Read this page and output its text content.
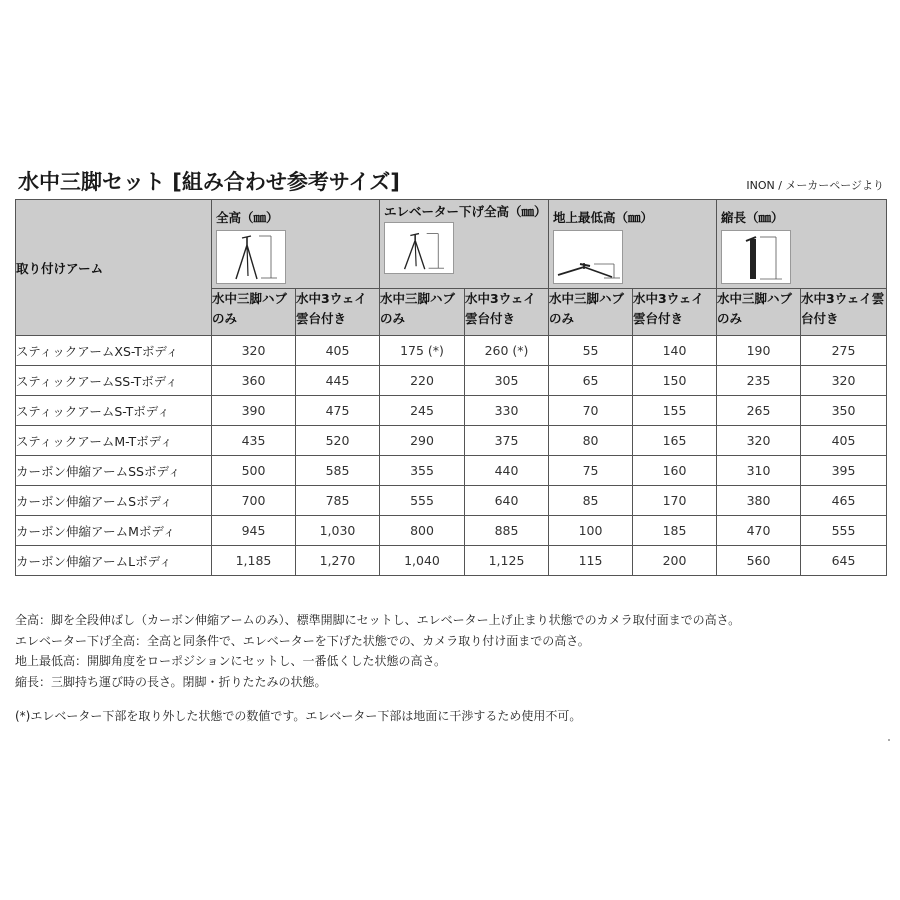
水中三脚セット [組み合わせ参考サイズ]	INON / メーカーページより
取り付けアーム	全高（㎜）		エレベーター下げ全高（㎜）		地上最低高（㎜）		縮長（㎜）	

	水中三脚ハブのみ	水中3ウェイ雲台付き	水中三脚ハブのみ	水中3ウェイ雲台付き	水中三脚ハブのみ	水中3ウェイ雲台付き	水中三脚ハブのみ	水中3ウェイ雲台付き
スティックアームXS-Tボディ	320	405	175 (*)	260 (*)	55	140	190	275
スティックアームSS-Tボディ	360	445	220	305	65	150	235	320
スティックアームS-Tボディ	390	475	245	330	70	155	265	350
スティックアームM-Tボディ	435	520	290	375	80	165	320	405
カーボン伸縮アームSSボディ	500	585	355	440	75	160	310	395
カーボン伸縮アームSボディ	700	785	555	640	85	170	380	465
カーボン伸縮アームMボディ	945	1,030	800	885	100	185	470	555
カーボン伸縮アームLボディ	1,185	1,270	1,040	1,125	115	200	560	645
全高：脚を全段伸ばし（カーボン伸縮アームのみ）、標準開脚にセットし、エレベーター上げ止まり状態でのカメラ取付面までの高さ。
エレベーター下げ全高：全高と同条件で、エレベーターを下げた状態での、カメラ取り付け面までの高さ。
地上最低高：開脚角度をローポジションにセットし、一番低くした状態の高さ。
縮長：三脚持ち運び時の長さ。閉脚・折りたたみの状態。
(*)エレベーター下部を取り外した状態での数値です。エレベーター下部は地面に干渉するため使用不可。
